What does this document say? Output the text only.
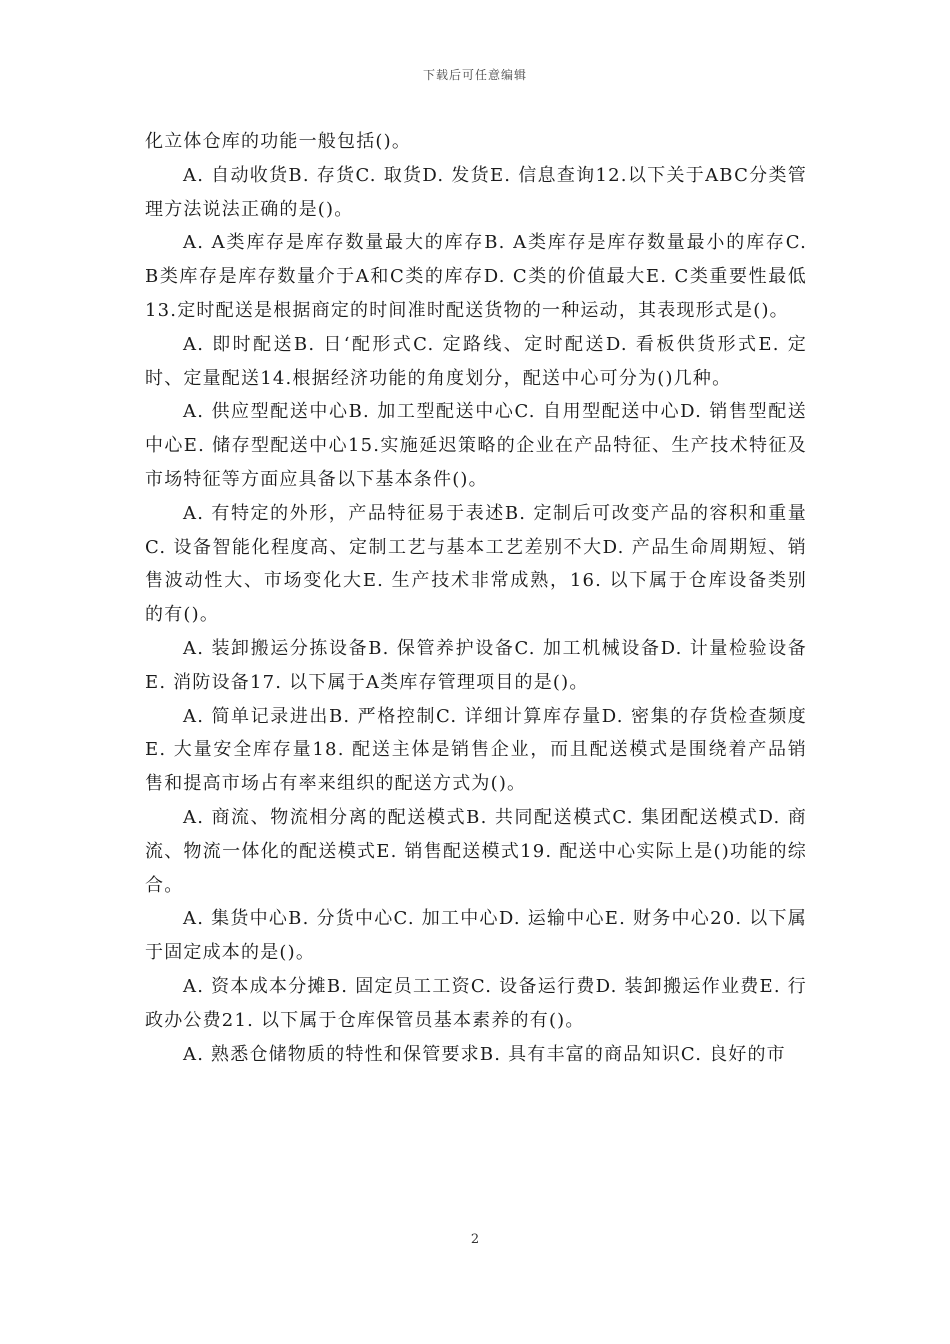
下载后可任意编辑

化立体仓库的功能一般包括()。

A. 自动收货B. 存货C. 取货D. 发货E. 信息查询12.以下关于ABC分类管理方法说法正确的是()。

A. A类库存是库存数量最大的库存B. A类库存是库存数量最小的库存C. B类库存是库存数量介于A和C类的库存D. C类的价值最大E. C类重要性最低13.定时配送是根据商定的时间准时配送货物的一种运动，其表现形式是()。

A. 即时配送B. 日‘配形式C. 定路线、定时配送D. 看板供货形式E. 定时、定量配送14.根据经济功能的角度划分，配送中心可分为()几种。

A. 供应型配送中心B. 加工型配送中心C. 自用型配送中心D. 销售型配送中心E. 储存型配送中心15.实施延迟策略的企业在产品特征、生产技术特征及市场特征等方面应具备以下基本条件()。

A. 有特定的外形，产品特征易于表述B. 定制后可改变产品的容积和重量C. 设备智能化程度高、定制工艺与基本工艺差别不大D. 产品生命周期短、销售波动性大、市场变化大E. 生产技术非常成熟，16. 以下属于仓库设备类别的有()。

A. 装卸搬运分拣设备B. 保管养护设备C. 加工机械设备D. 计量检验设备E. 消防设备17. 以下属于A类库存管理项目的是()。

A. 简单记录进出B. 严格控制C. 详细计算库存量D. 密集的存货检查频度E. 大量安全库存量18. 配送主体是销售企业，而且配送模式是围绕着产品销售和提高市场占有率来组织的配送方式为()。

A. 商流、物流相分离的配送模式B. 共同配送模式C. 集团配送模式D. 商流、物流一体化的配送模式E. 销售配送模式19. 配送中心实际上是()功能的综合。

A. 集货中心B. 分货中心C. 加工中心D. 运输中心E. 财务中心20. 以下属于固定成本的是()。

A. 资本成本分摊B. 固定员工工资C. 设备运行费D. 装卸搬运作业费E. 行政办公费21. 以下属于仓库保管员基本素养的有()。

A. 熟悉仓储物质的特性和保管要求B. 具有丰富的商品知识C. 良好的市

2
